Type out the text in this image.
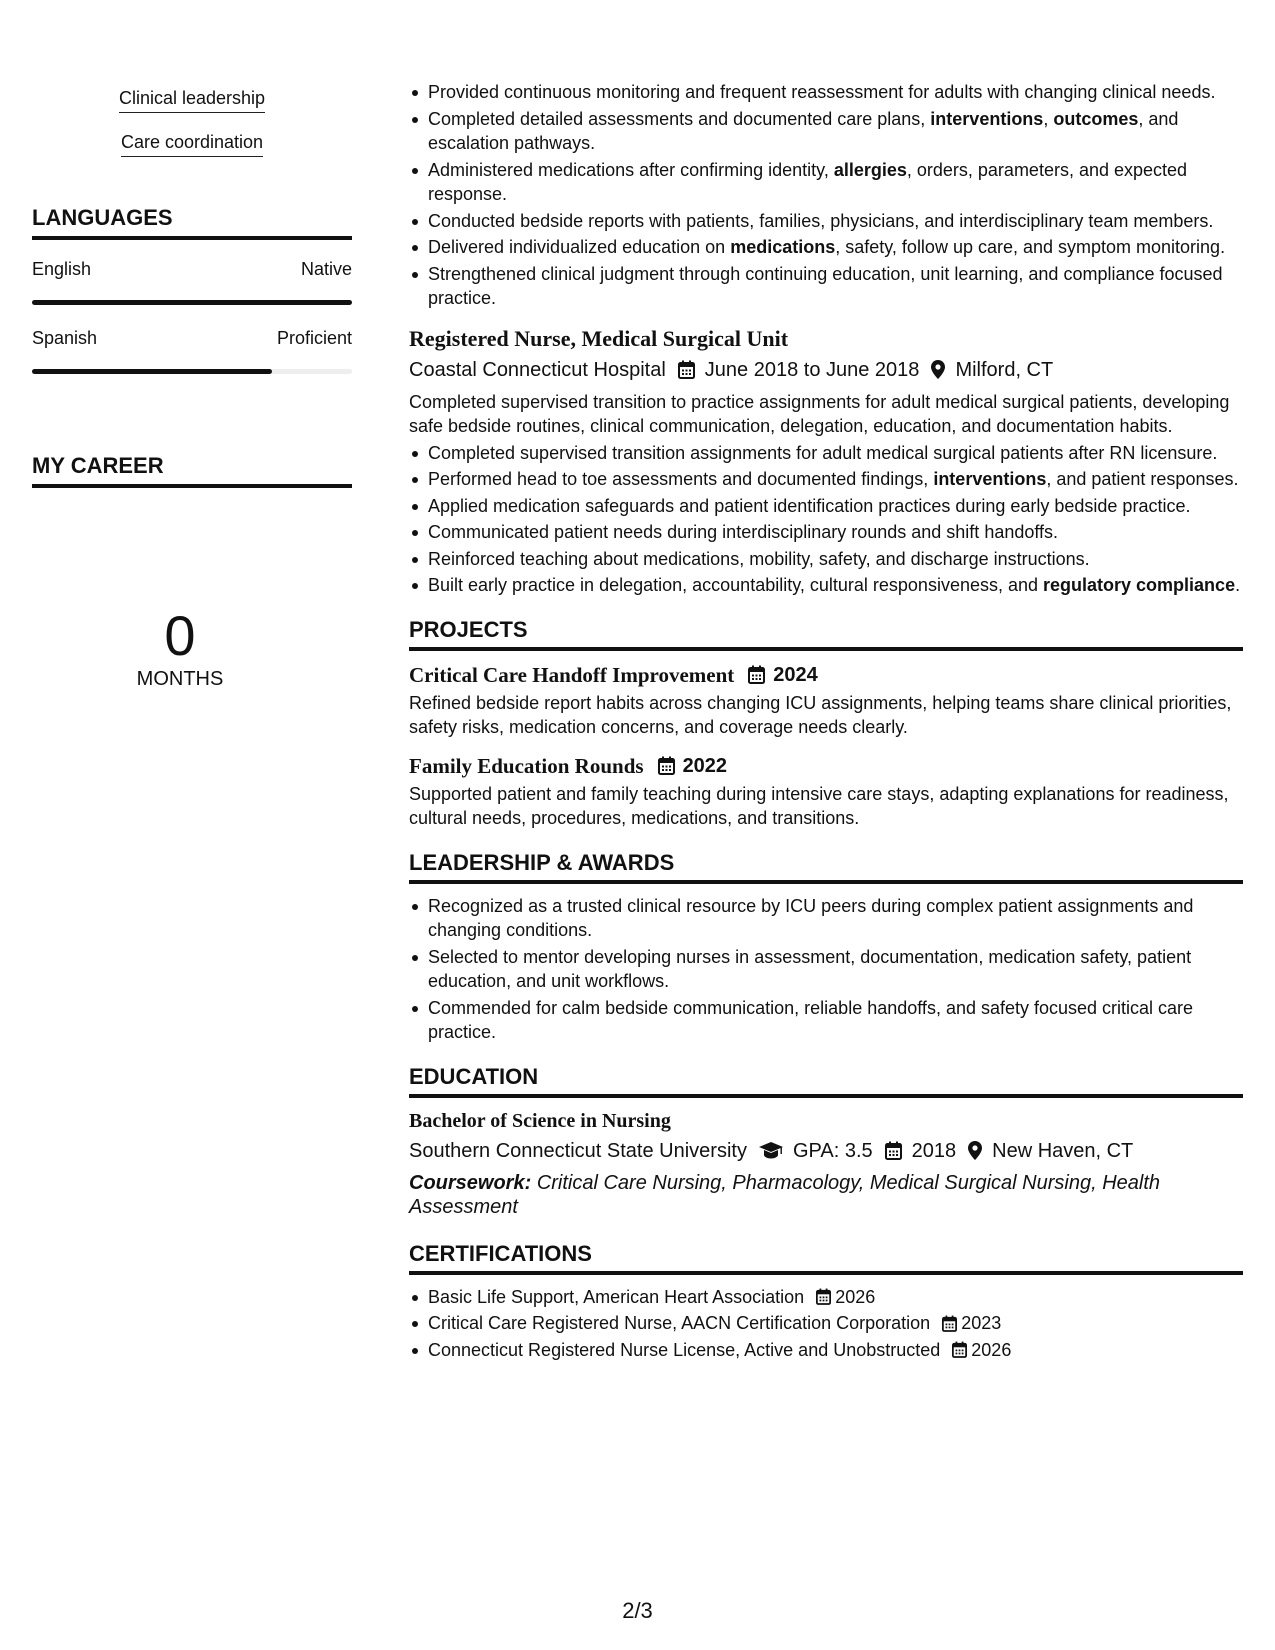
Clinical leadership
Care coordination
LANGUAGES
English	Native
Spanish	Proficient
MY CAREER
0
MONTHS
Provided continuous monitoring and frequent reassessment for adults with changing clinical needs.
Completed detailed assessments and documented care plans, interventions, outcomes, and escalation pathways.
Administered medications after confirming identity, allergies, orders, parameters, and expected response.
Conducted bedside reports with patients, families, physicians, and interdisciplinary team members.
Delivered individualized education on medications, safety, follow up care, and symptom monitoring.
Strengthened clinical judgment through continuing education, unit learning, and compliance focused practice.
Registered Nurse, Medical Surgical Unit
Coastal Connecticut Hospital June 2018 to June 2018 Milford, CT
Completed supervised transition to practice assignments for adult medical surgical patients, developing safe bedside routines, clinical communication, delegation, education, and documentation habits.
Completed supervised transition assignments for adult medical surgical patients after RN licensure.
Performed head to toe assessments and documented findings, interventions, and patient responses.
Applied medication safeguards and patient identification practices during early bedside practice.
Communicated patient needs during interdisciplinary rounds and shift handoffs.
Reinforced teaching about medications, mobility, safety, and discharge instructions.
Built early practice in delegation, accountability, cultural responsiveness, and regulatory compliance.
PROJECTS
Critical Care Handoff Improvement 2024
Refined bedside report habits across changing ICU assignments, helping teams share clinical priorities, safety risks, medication concerns, and coverage needs clearly.
Family Education Rounds 2022
Supported patient and family teaching during intensive care stays, adapting explanations for readiness, cultural needs, procedures, medications, and transitions.
LEADERSHIP & AWARDS
Recognized as a trusted clinical resource by ICU peers during complex patient assignments and changing conditions.
Selected to mentor developing nurses in assessment, documentation, medication safety, patient education, and unit workflows.
Commended for calm bedside communication, reliable handoffs, and safety focused critical care practice.
EDUCATION
Bachelor of Science in Nursing
Southern Connecticut State University GPA: 3.5 2018 New Haven, CT
Coursework: Critical Care Nursing, Pharmacology, Medical Surgical Nursing, Health Assessment
CERTIFICATIONS
Basic Life Support, American Heart Association 2026
Critical Care Registered Nurse, AACN Certification Corporation 2023
Connecticut Registered Nurse License, Active and Unobstructed 2026
2/3
